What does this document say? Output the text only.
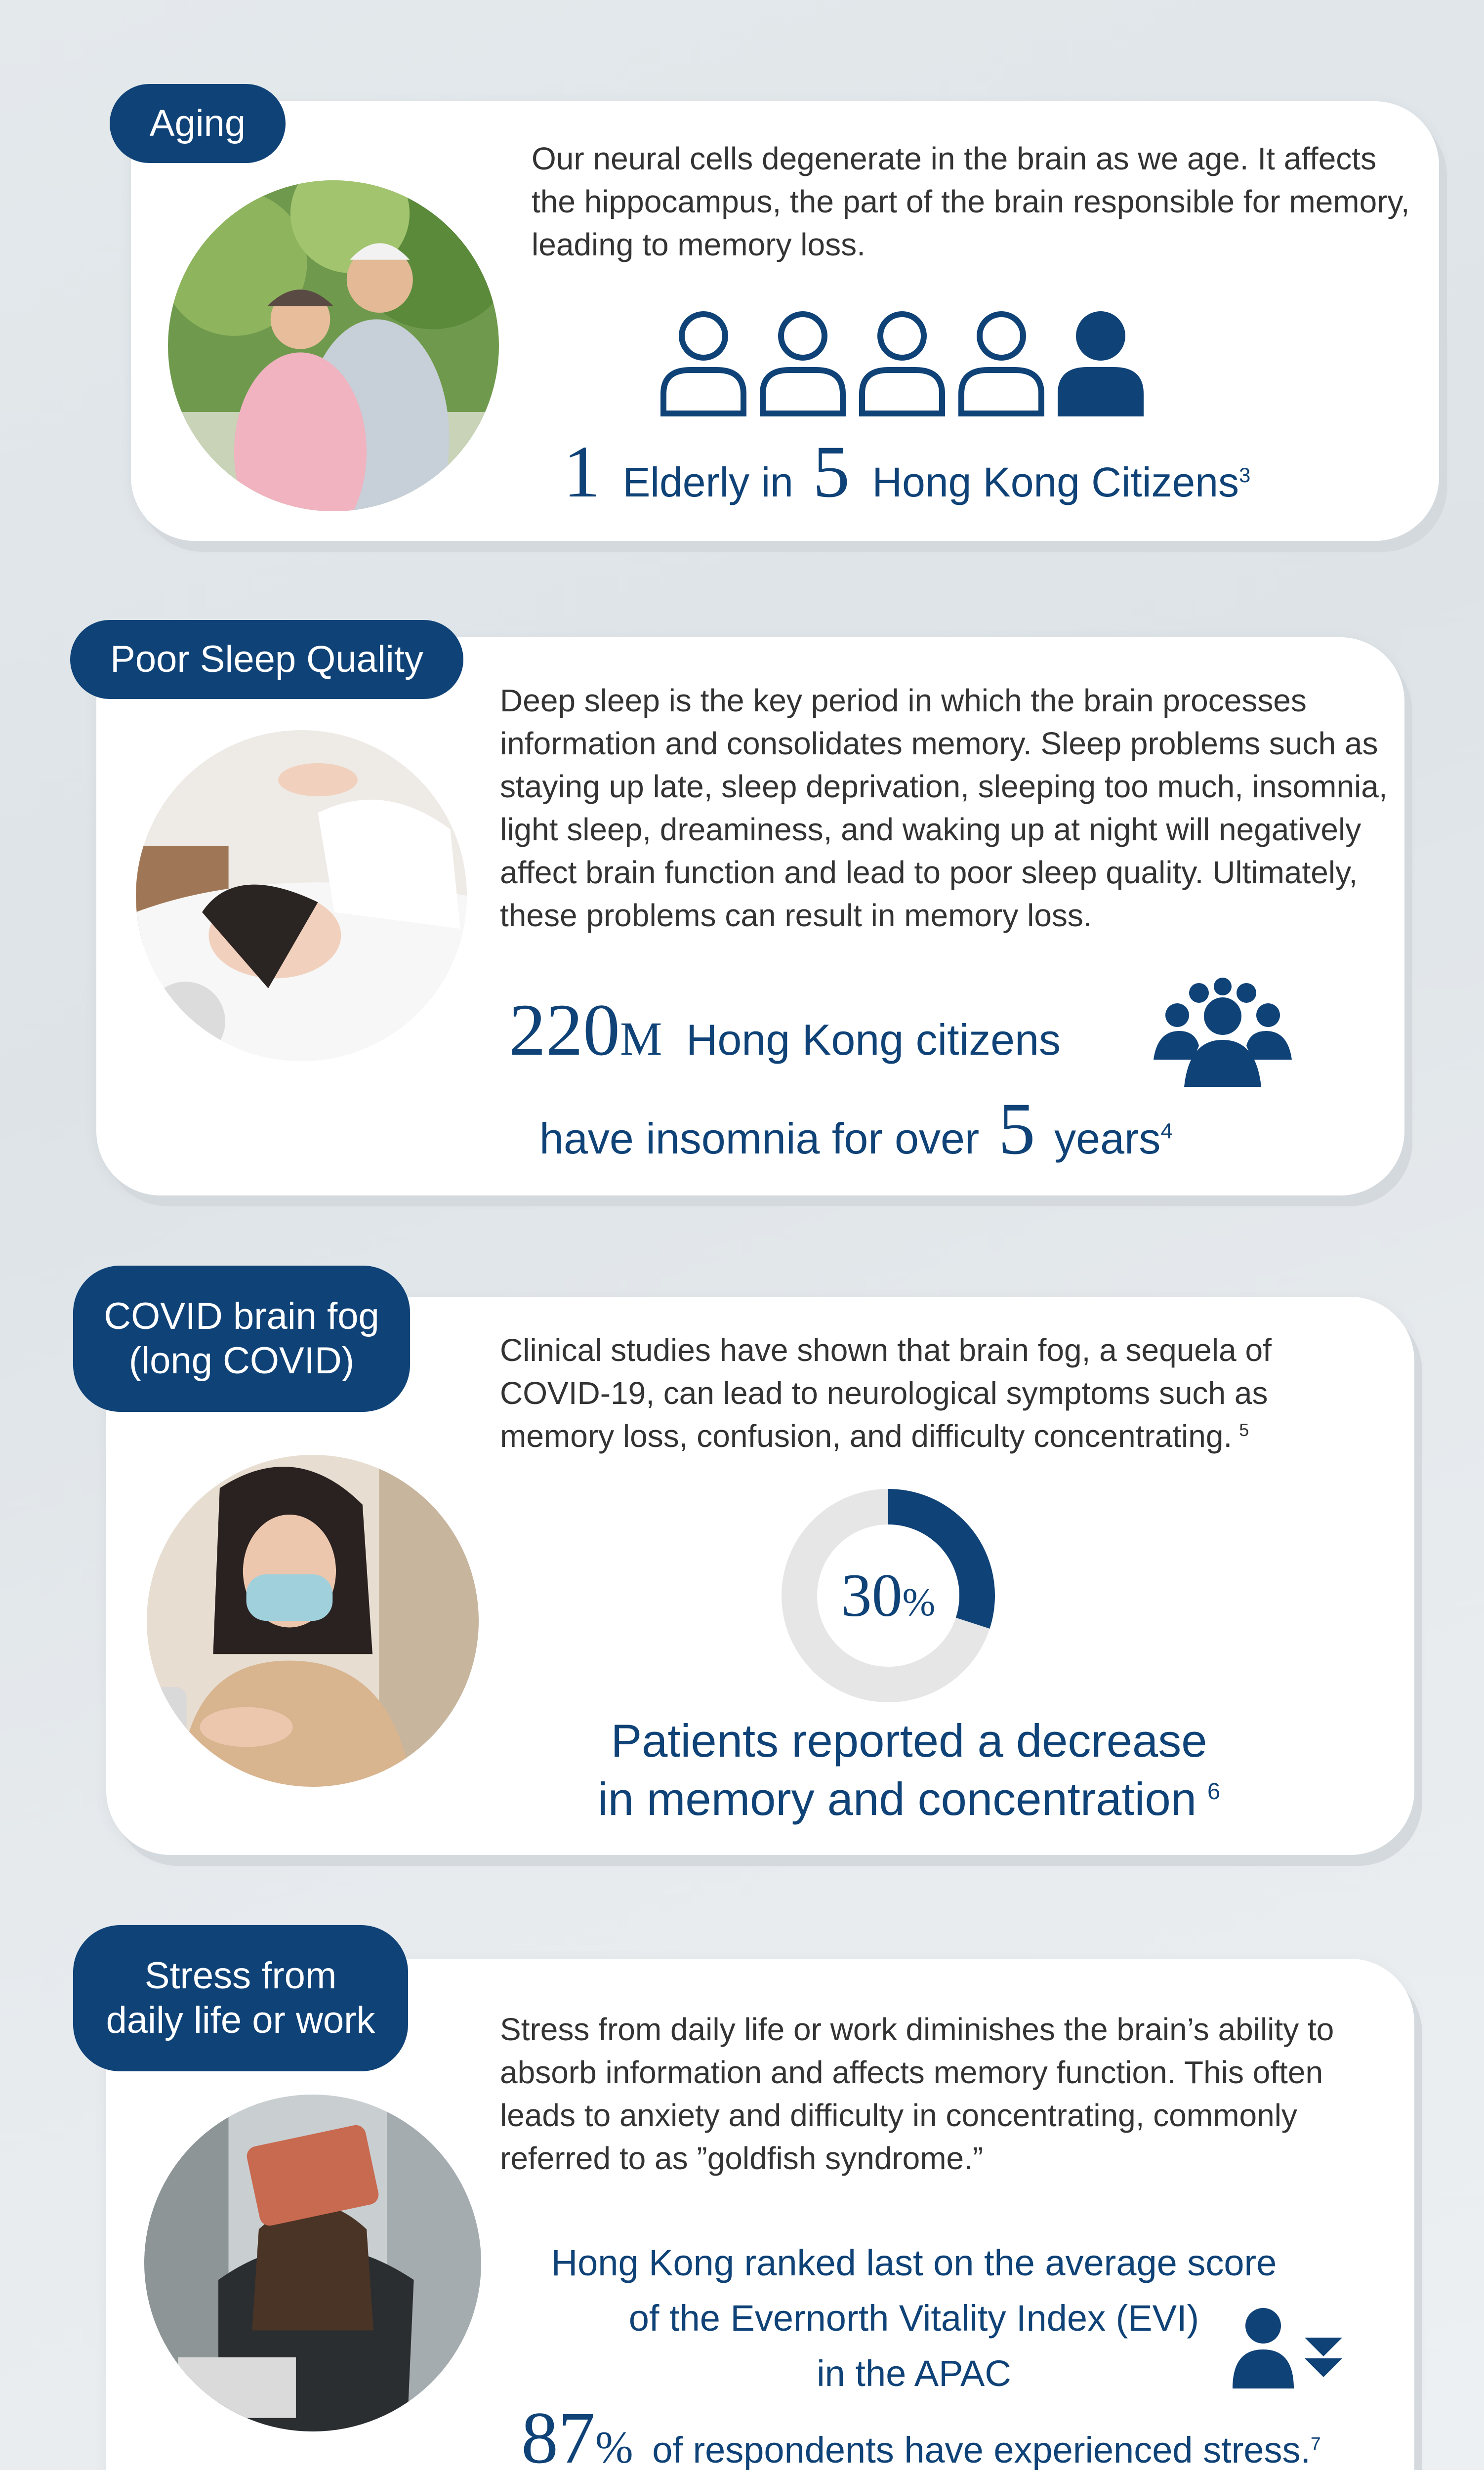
Aging
Our neural cells degenerate in the brain as we age. It affects the hippocampus, the part of the brain responsible for memory, leading to memory loss.
1 Elderly in 5 Hong Kong Citizens$^3$
Poor Sleep Quality
Deep sleep is the key period in which the brain processes information and consolidates memory. Sleep problems such as staying up late, sleep deprivation, sleeping too much, insomnia, light sleep, dreaminess, and waking up at night will negatively affect brain function and lead to poor sleep quality. Ultimately, these problems can result in memory loss.
220M Hong Kong citizens
have insomnia for over 5 years$^4$
COVID brain fog
(long COVID)	Clinical studies have shown that brain fog, a sequela of COVID-19, can lead to neurological symptoms such as memory loss, confusion, and difficulty concentrating. $^5$
30 %
Patients reported a decrease
in memory and concentration $^6$
Stress from
daily life or work	Stress from daily life or work diminishes the brain’s ability to absorb information and affects memory function. This often leads to anxiety and difficulty in concentrating, commonly referred to as ”goldfish syndrome.”
Hong Kong ranked last on the average score
of the Evernorth Vitality Index (EVI)
in the APAC
87% of respondents have experienced stress.$^7$
